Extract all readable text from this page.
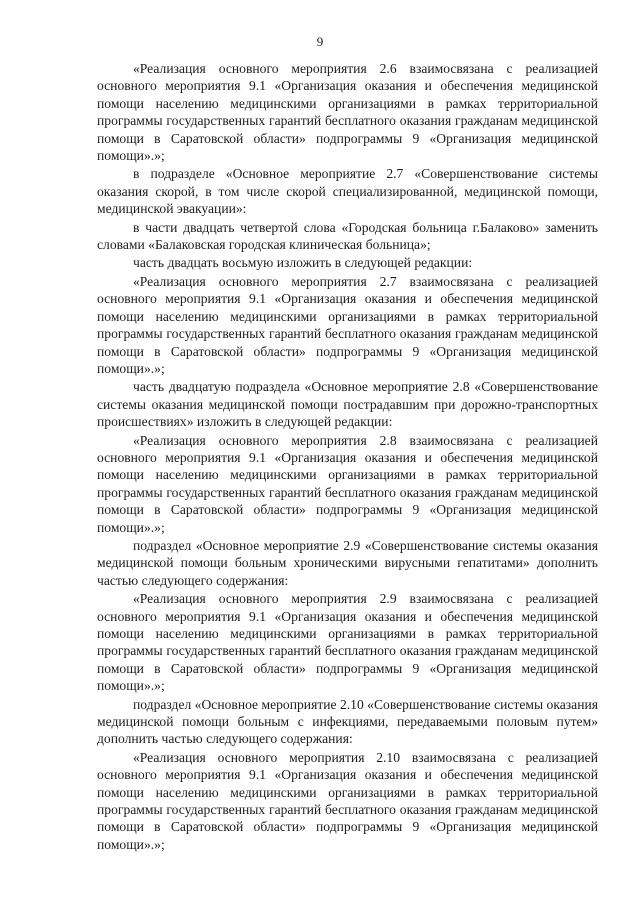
9

«Реализация основного мероприятия 2.6 взаимосвязана с реализацией основного мероприятия 9.1 «Организация оказания и обеспечения медицинской помощи населению медицинскими организациями в рамках территориальной программы государственных гарантий бесплатного оказания гражданам медицинской помощи в Саратовской области» подпрограммы 9 «Организация медицинской помощи».»;

в подразделе «Основное мероприятие 2.7 «Совершенствование системы оказания скорой, в том числе скорой специализированной, медицинской помощи, медицинской эвакуации»:

в части двадцать четвертой слова «Городская больница г.Балаково» заменить словами «Балаковская городская клиническая больница»;

часть двадцать восьмую изложить в следующей редакции:

«Реализация основного мероприятия 2.7 взаимосвязана с реализацией основного мероприятия 9.1 «Организация оказания и обеспечения медицинской помощи населению медицинскими организациями в рамках территориальной программы государственных гарантий бесплатного оказания гражданам медицинской помощи в Саратовской области» подпрограммы 9 «Организация медицинской помощи».»;

часть двадцатую подраздела «Основное мероприятие 2.8 «Совершенствование системы оказания медицинской помощи пострадавшим при дорожно-транспортных происшествиях» изложить в следующей редакции:

«Реализация основного мероприятия 2.8 взаимосвязана с реализацией основного мероприятия 9.1 «Организация оказания и обеспечения медицинской помощи населению медицинскими организациями в рамках территориальной программы государственных гарантий бесплатного оказания гражданам медицинской помощи в Саратовской области» подпрограммы 9 «Организация медицинской помощи».»;

подраздел «Основное мероприятие 2.9 «Совершенствование системы оказания медицинской помощи больным хроническими вирусными гепатитами» дополнить частью следующего содержания:

«Реализация основного мероприятия 2.9 взаимосвязана с реализацией основного мероприятия 9.1 «Организация оказания и обеспечения медицинской помощи населению медицинскими организациями в рамках территориальной программы государственных гарантий бесплатного оказания гражданам медицинской помощи в Саратовской области» подпрограммы 9 «Организация медицинской помощи».»;

подраздел «Основное мероприятие 2.10 «Совершенствование системы оказания медицинской помощи больным с инфекциями, передаваемыми половым путем» дополнить частью следующего содержания:

«Реализация основного мероприятия 2.10 взаимосвязана с реализацией основного мероприятия 9.1 «Организация оказания и обеспечения медицинской помощи населению медицинскими организациями в рамках территориальной программы государственных гарантий бесплатного оказания гражданам медицинской помощи в Саратовской области» подпрограммы 9 «Организация медицинской помощи».»;
